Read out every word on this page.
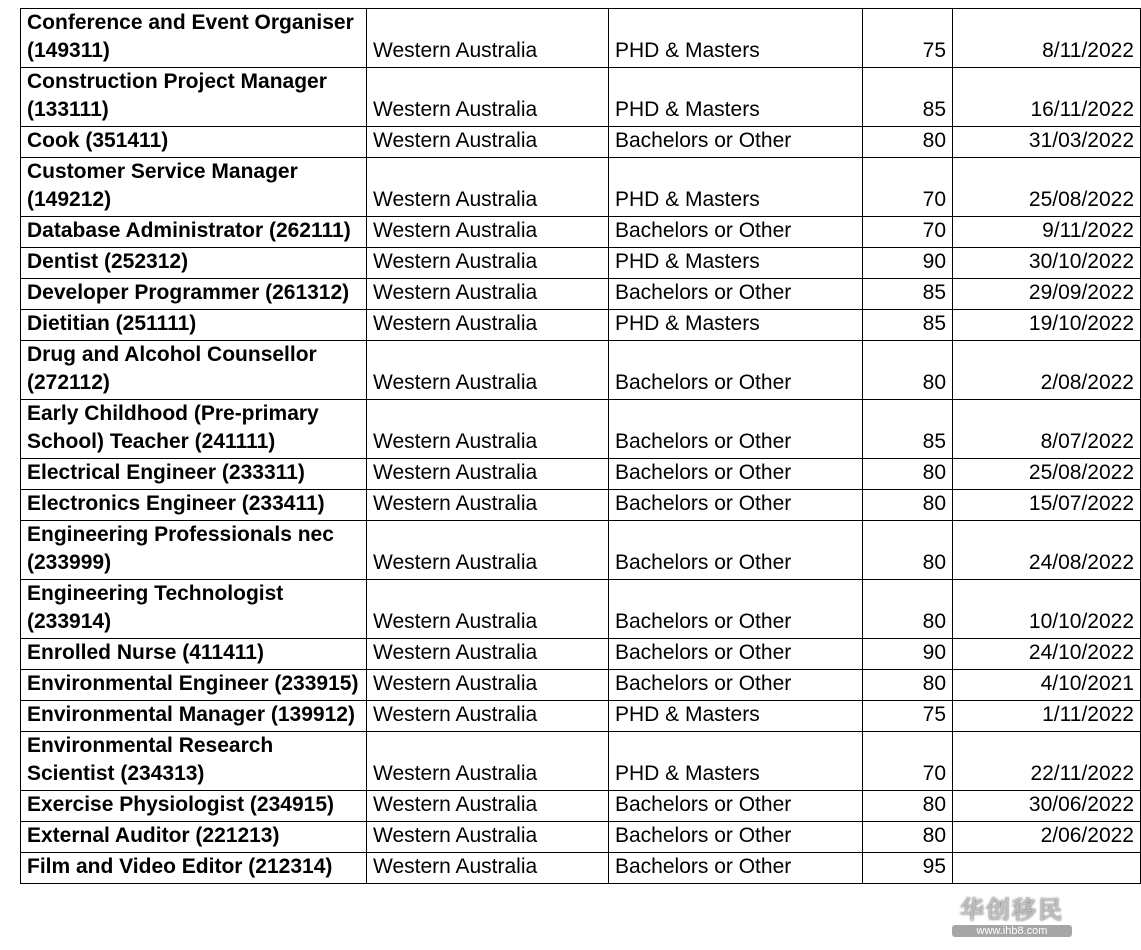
Conference and Event Organiser (149311)	Western Australia	PHD & Masters	75	8/11/2022
Construction Project Manager (133111)	Western Australia	PHD & Masters	85	16/11/2022
Cook (351411)	Western Australia	Bachelors or Other	80	31/03/2022
Customer Service Manager (149212)	Western Australia	PHD & Masters	70	25/08/2022
Database Administrator (262111)	Western Australia	Bachelors or Other	70	9/11/2022
Dentist (252312)	Western Australia	PHD & Masters	90	30/10/2022
Developer Programmer (261312)	Western Australia	Bachelors or Other	85	29/09/2022
Dietitian (251111)	Western Australia	PHD & Masters	85	19/10/2022
Drug and Alcohol Counsellor (272112)	Western Australia	Bachelors or Other	80	2/08/2022
Early Childhood (Pre-primary School) Teacher (241111)	Western Australia	Bachelors or Other	85	8/07/2022
Electrical Engineer (233311)	Western Australia	Bachelors or Other	80	25/08/2022
Electronics Engineer (233411)	Western Australia	Bachelors or Other	80	15/07/2022
Engineering Professionals nec (233999)	Western Australia	Bachelors or Other	80	24/08/2022
Engineering Technologist (233914)	Western Australia	Bachelors or Other	80	10/10/2022
Enrolled Nurse (411411)	Western Australia	Bachelors or Other	90	24/10/2022
Environmental Engineer (233915)	Western Australia	Bachelors or Other	80	4/10/2021
Environmental Manager (139912)	Western Australia	PHD & Masters	75	1/11/2022
Environmental Research Scientist (234313)	Western Australia	PHD & Masters	70	22/11/2022
Exercise Physiologist (234915)	Western Australia	Bachelors or Other	80	30/06/2022
External Auditor (221213)	Western Australia	Bachelors or Other	80	2/06/2022
Film and Video Editor (212314)	Western Australia	Bachelors or Other	95	
华创移民
www.ihb8.com
